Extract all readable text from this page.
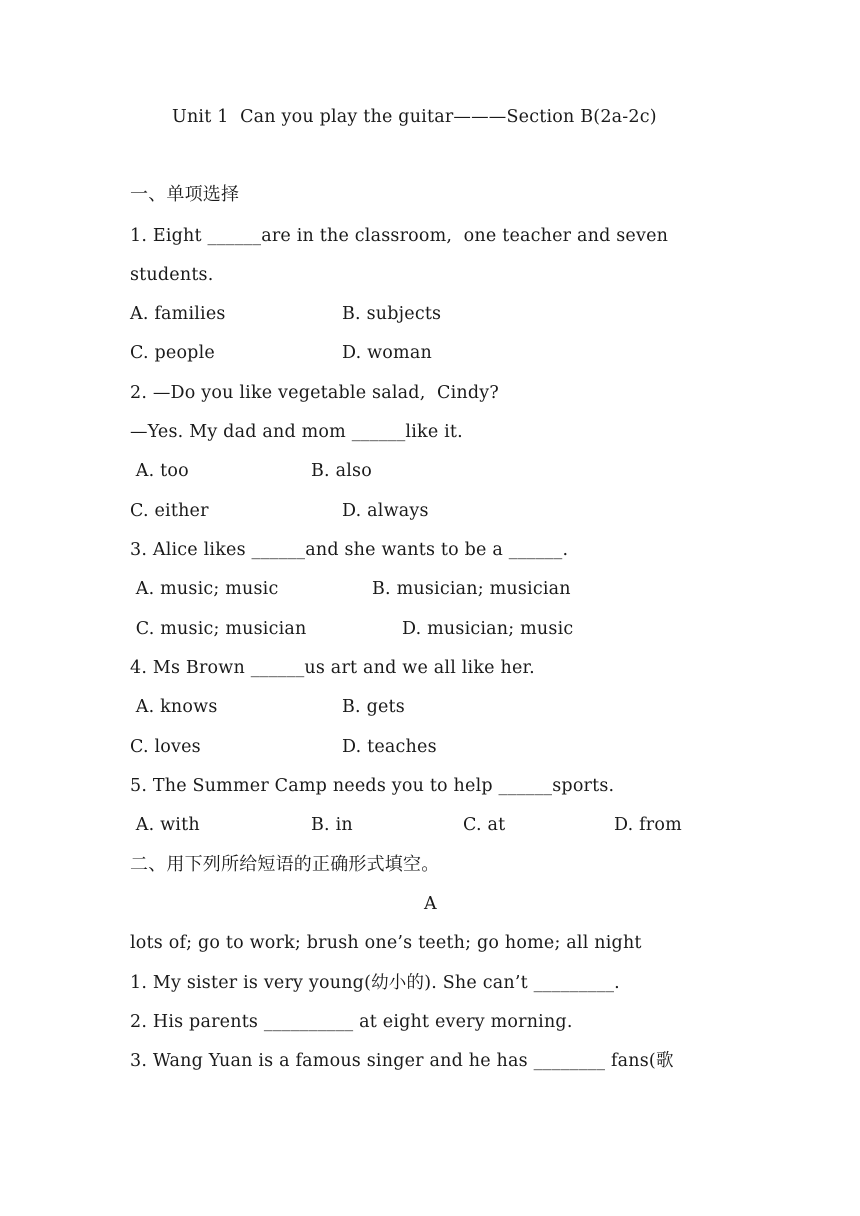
Unit 1  Can you play the guitar———Section B(2a-2c)
一、单项选择
1. Eight ______are in the classroom,  one teacher and seven
students.
A. families	B. subjects
C. people	D. woman
2. —Do you like vegetable salad,  Cindy?
—Yes. My dad and mom ______like it.
A. too	B. also
C. either	D. always
3. Alice likes ______and she wants to be a ______.
A. music; music	B. musician; musician
C. music; musician	D. musician; music
4. Ms Brown ______us art and we all like her.
A. knows	B. gets
C. loves	D. teaches
5. The Summer Camp needs you to help ______sports.
A. with	B. in	C. at	D. from
二、用下列所给短语的正确形式填空。
A
lots of; go to work; brush one’s teeth; go home; all night
1. My sister is very young(幼小的). She can’t _________.
2. His parents __________ at eight every morning.
3. Wang Yuan is a famous singer and he has ________ fans(歌
